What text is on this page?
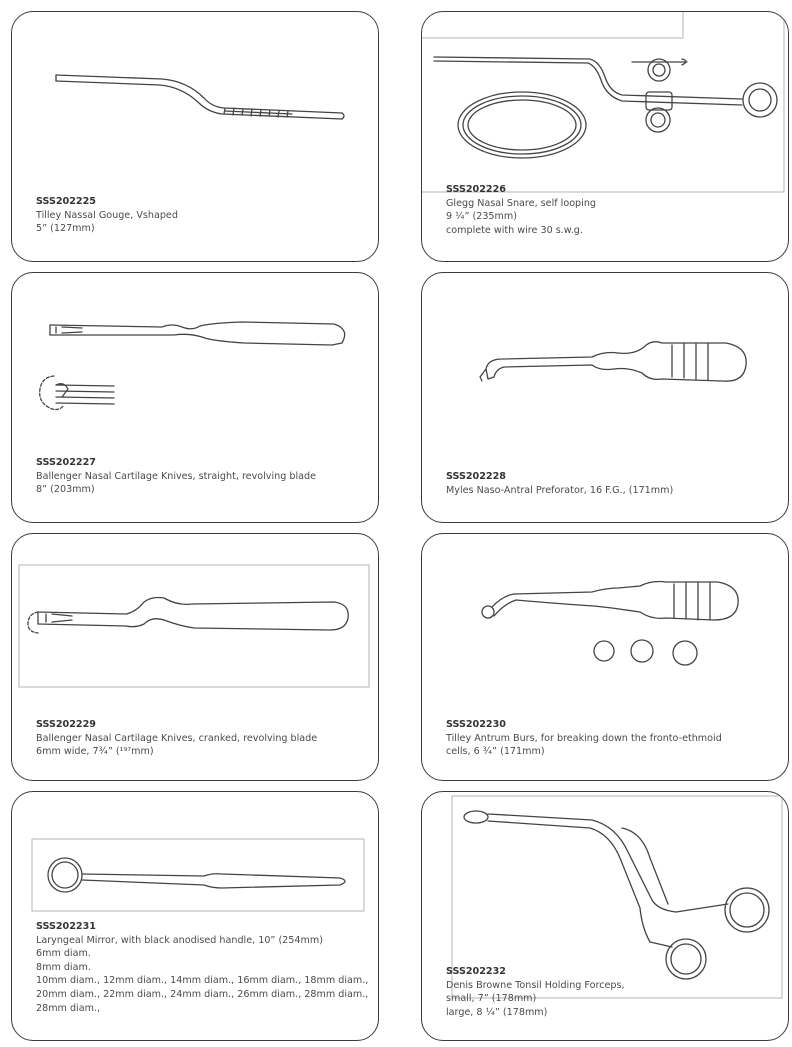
SSS202225
Tilley Nassal Gouge, Vshaped
5” (127mm)
SSS202226
Glegg Nasal Snare, self looping
9 ¼” (235mm)
complete with wire 30 s.w.g.
SSS202227
Ballenger Nasal Cartilage Knives, straight, revolving blade
8” (203mm)
SSS202228
Myles Naso-Antral Preforator, 16 F.G., (171mm)
SSS202229
Ballenger Nasal Cartilage Knives, cranked, revolving blade
6mm wide, 7¾” (¹⁹⁷mm)
SSS202230
Tilley Antrum Burs, for breaking down the fronto-ethmoid
cells, 6 ¾” (171mm)
SSS202231
Laryngeal Mirror, with black anodised handle, 10” (254mm)
6mm diam.
8mm diam.
10mm diam., 12mm diam., 14mm diam., 16mm diam., 18mm diam.,
20mm diam., 22mm diam., 24mm diam., 26mm diam., 28mm diam.,
28mm diam.,
SSS202232
Denis Browne Tonsil Holding Forceps,
small, 7” (178mm)
large, 8 ¼” (178mm)
